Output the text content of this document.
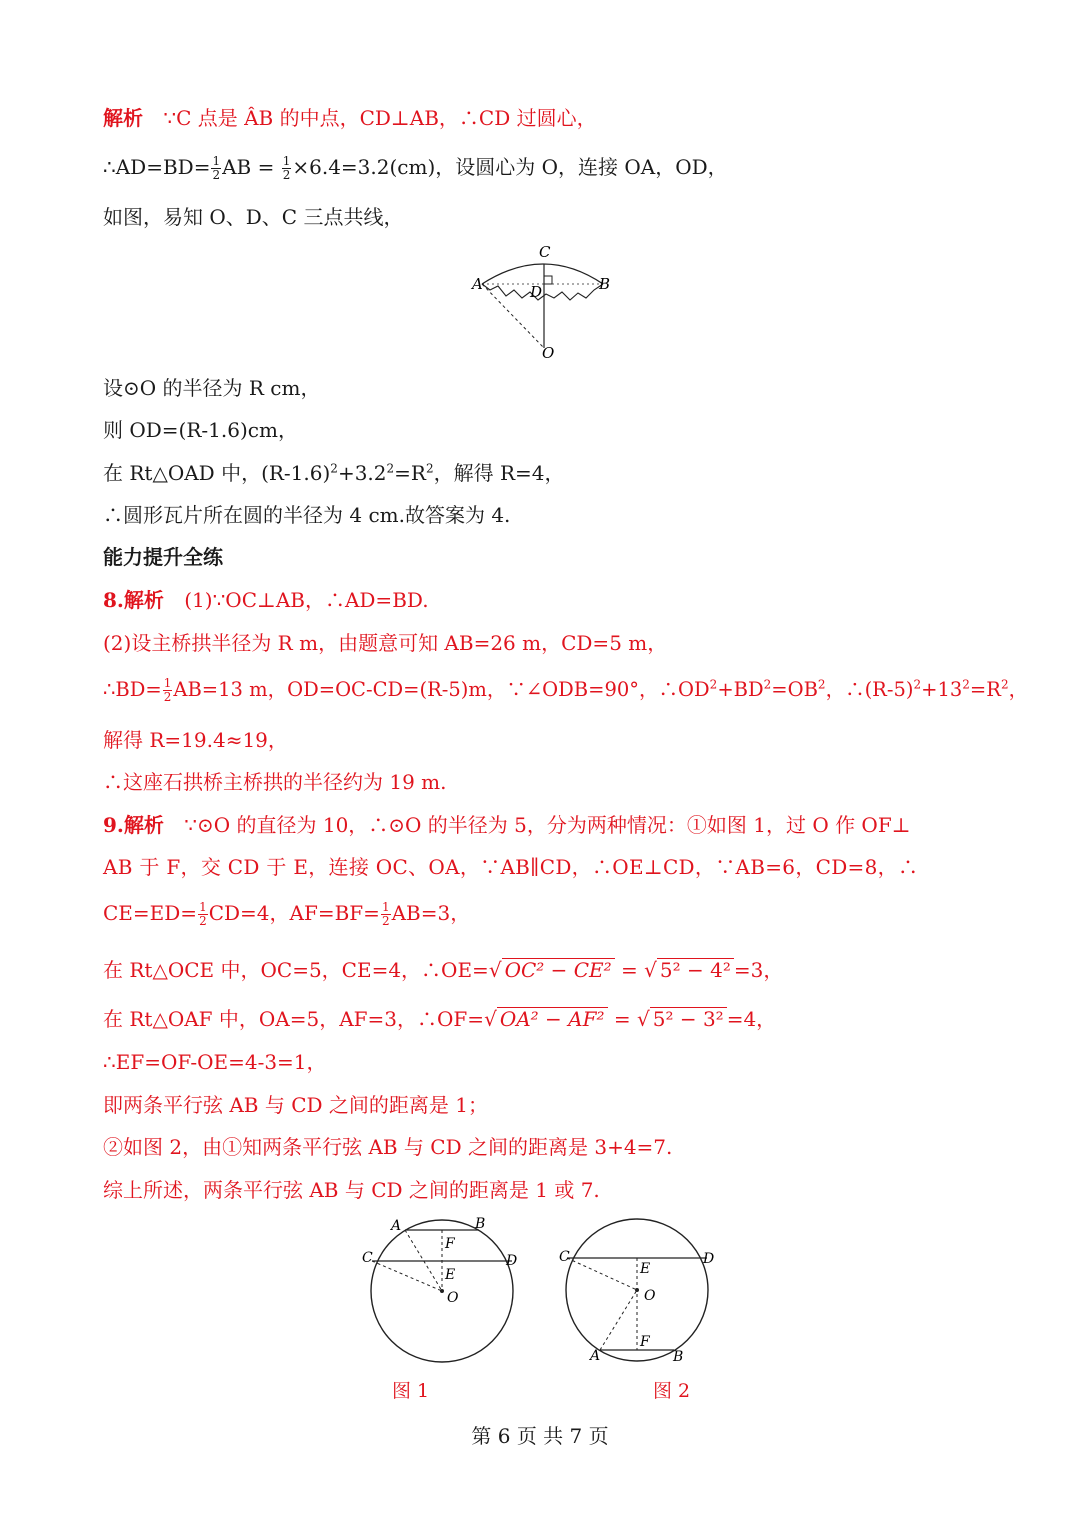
解析 ∵C 点是 ÂB 的中点，CD⊥AB，∴CD 过圆心，
∴AD=BD= $\frac{1}{2}$ AB = $\frac{1}{2} \times 6.4=3.2(cm)$，设圆心为 O，连接 OA，OD，
如图，易知 O、D、C 三点共线，
C
A	B
D
O
设⊙O 的半径为 R cm，
则 OD=(R-1.6)cm，
在 Rt△OAD 中，$(R-1.6)^2+3.2^2=R^2$，解得 R=4，
∴圆形瓦片所在圆的半径为 4 cm.故答案为 4.
能力提升全练
8.解析 (1)∵OC⊥AB，∴AD=BD.
(2)设主桥拱半径为 R m，由题意可知 AB=26 m，CD=5 m，
∴BD= $\frac{1}{2} AB=13$ m，OD=OC-CD=(R-5)m，∵∠ODB=90°，$\therefore OD^2+BD^2=OB^2$，$\therefore(R-5)^2+13^2=R^2$，
解得 R=19.4≈19，
∴这座石拱桥主桥拱的半径约为 19 m.
9.解析 ∵⊙O 的直径为 10，∴⊙O 的半径为 5，分为两种情况：①如图 1，过 O 作 OF⊥
AB 于 F，交 CD 于 E，连接 OC、OA，∵AB∥CD，∴OE⊥CD，∵AB=6，CD=8，∴
$CE=ED= \frac{1}{2} CD=4$，$AF=BF= \frac{1}{2} AB=3$，
在 Rt△OCE 中，OC=5，CE=4，∴OE=√ OC² − CE² = √ 5² − 4² =3，
在 Rt△OAF 中，OA=5，AF=3，∴OF=√ OA² − AF² = √ 5² − 3² =4，
∴EF=OF-OE=4-3=1，
即两条平行弦 AB 与 CD 之间的距离是 1；
②如图 2，由①知两条平行弦 AB 与 CD 之间的距离是 3+4=7.
综上所述，两条平行弦 AB 与 CD 之间的距离是 1 或 7.
A	B
C	D
F
E
O
C	D
E
O
F
A	B
图 1	图 2
第 6 页 共 7 页
